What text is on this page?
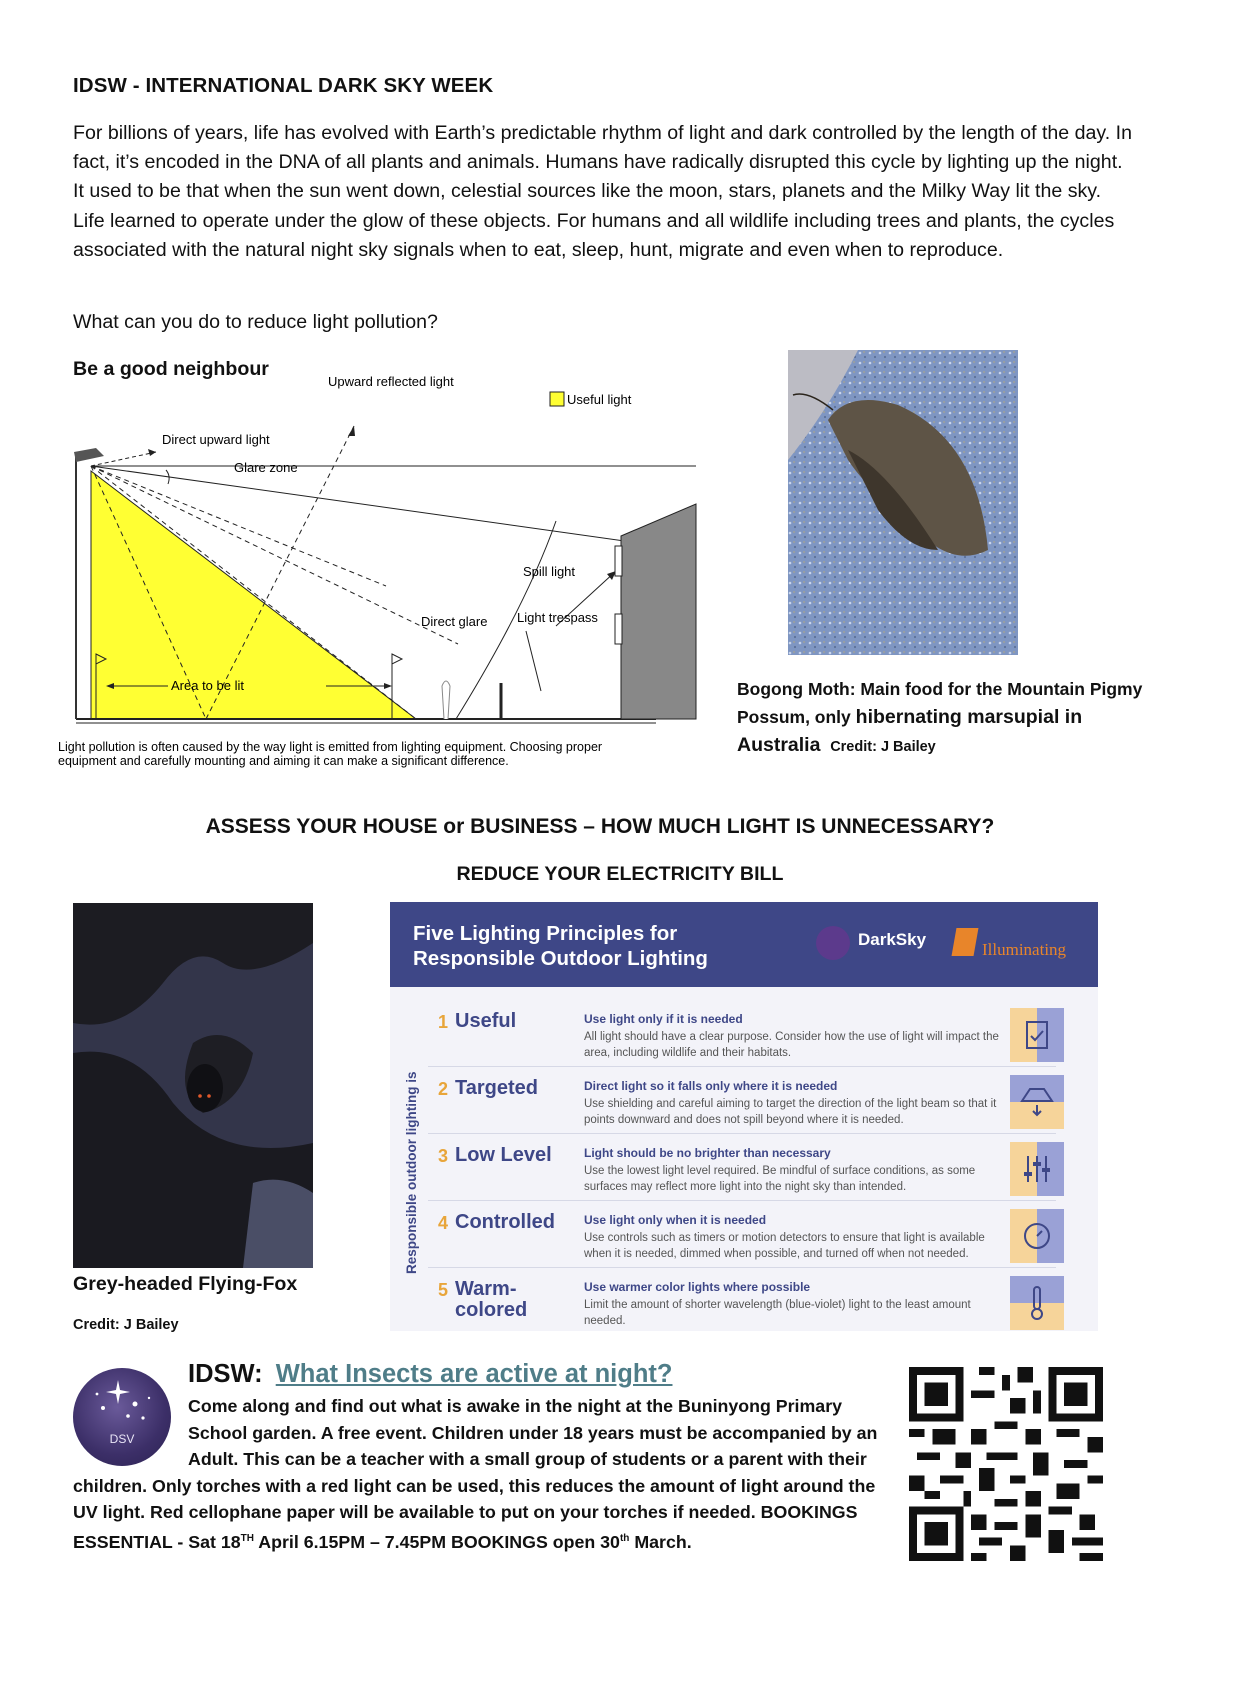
IDSW - INTERNATIONAL DARK SKY WEEK
For billions of years, life has evolved with Earth’s predictable rhythm of light and dark controlled by the length of the day. In fact, it’s encoded in the DNA of all plants and animals. Humans have radically disrupted this cycle by lighting up the night. It used to be that when the sun went down, celestial sources like the moon, stars, planets and the Milky Way lit the sky. Life learned to operate under the glow of these objects. For humans and all wildlife including trees and plants, the cycles associated with the natural night sky signals when to eat, sleep, hunt, migrate and even when to reproduce.
What can you do to reduce light pollution?
Be a good neighbour
Upward reflected light
Useful light
Direct upward light
Glare zone
Spill light
Direct glare Light trespass
Area to be lit
Light pollution is often caused by the way light is emitted from lighting equipment. Choosing proper
equipment and carefully mounting and aiming it can make a significant difference.
Bogong Moth: Main food for the Mountain Pigmy Possum, only hibernating marsupial in Australia Credit: J Bailey
ASSESS YOUR HOUSE or BUSINESS – HOW MUCH LIGHT IS UNNECESSARY?
REDUCE YOUR ELECTRICITY BILL
Grey-headed Flying-Fox
Credit: J Bailey
Five Lighting Principles for
Responsible Outdoor Lighting
DarkSky
Illuminating
Responsible outdoor lighting is
1 Useful	Use light only if it is needed
All light should have a clear purpose. Consider how the use of light will impact the area, including wildlife and their habitats.
2 Targeted	Direct light so it falls only where it is needed
Use shielding and careful aiming to target the direction of the light beam so that it points downward and does not spill beyond where it is needed.
3 Low Level	Light should be no brighter than necessary
Use the lowest light level required. Be mindful of surface conditions, as some surfaces may reflect more light into the night sky than intended.
4 Controlled	Use light only when it is needed
Use controls such as timers or motion detectors to ensure that light is available when it is needed, dimmed when possible, and turned off when not needed.
5 Warm-colored
Use warmer color lights where possible
Limit the amount of shorter wavelength (blue-violet) light to the least amount needed.
DSV
IDSW: What Insects are active at night?
Come along and find out what is awake in the night at the Buninyong Primary School garden. A free event. Children under 18 years must be accompanied by an Adult. This can be a teacher with a small group of students or a parent with their children. Only torches with a red light can be used, this reduces the amount of light around the UV light. Red cellophane paper will be available to put on your torches if needed. BOOKINGS ESSENTIAL - Sat 18TH April 6.15PM – 7.45PM BOOKINGS open 30th March.
